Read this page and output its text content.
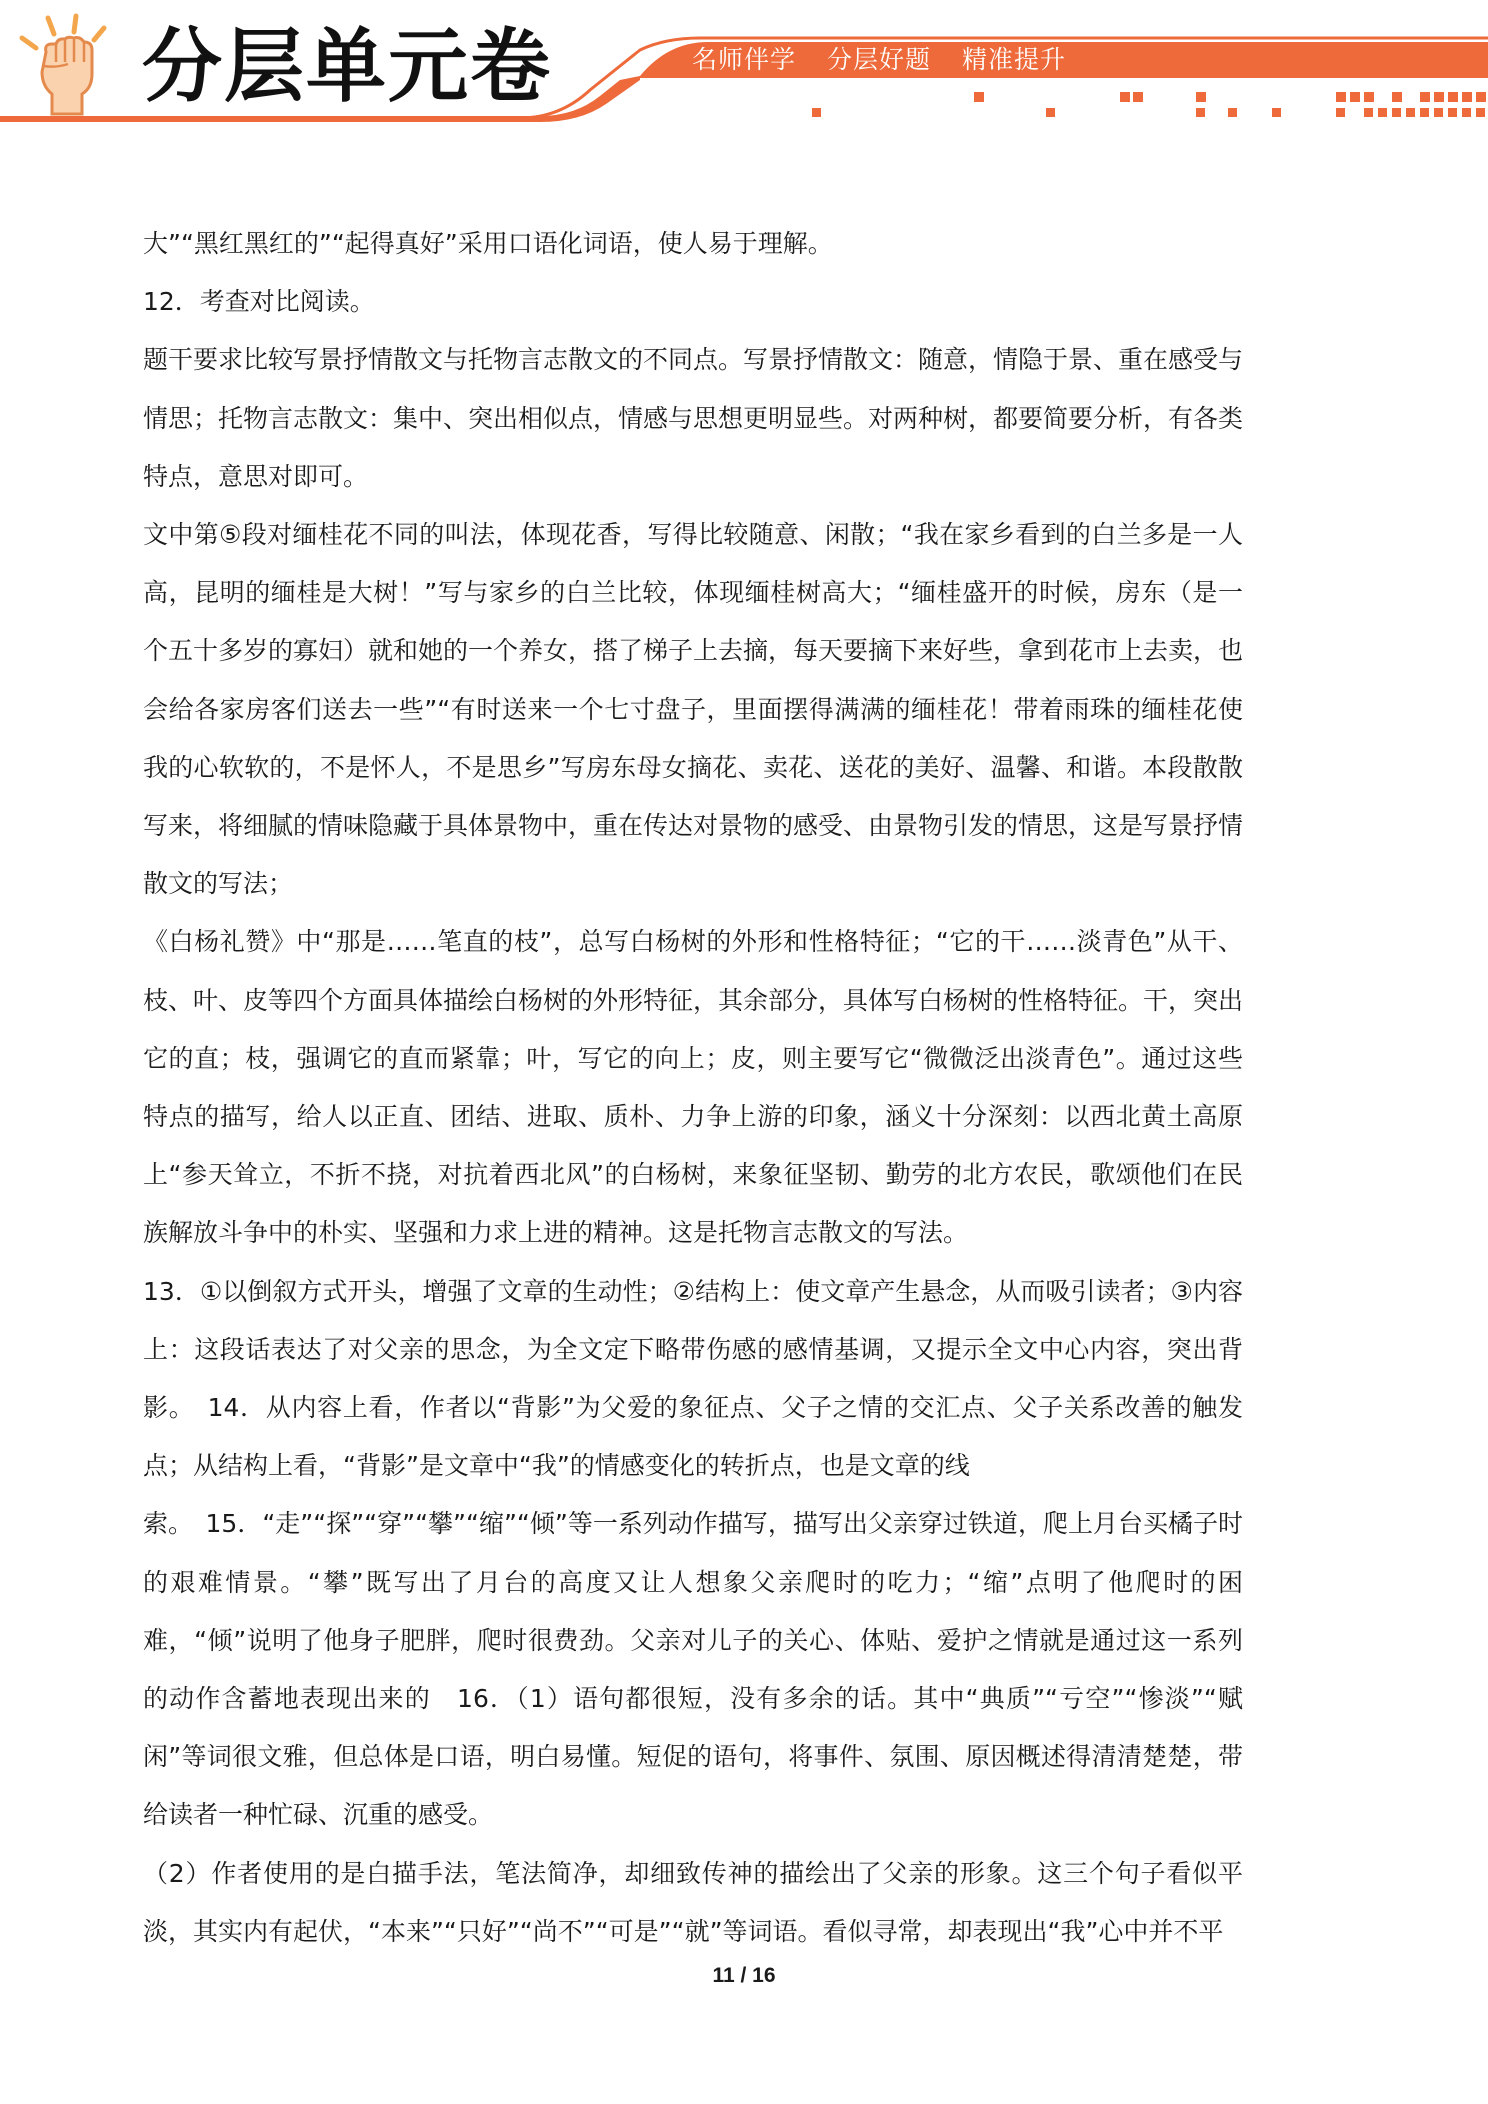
分层单元卷	名师伴学 分层好题 精准提升

大”“黑红黑红的”“起得真好”采用口语化词语，使人易于理解。

12．考查对比阅读。

题干要求比较写景抒情散文与托物言志散文的不同点。写景抒情散文：随意，情隐于景、重在感受与情思；托物言志散文：集中、突出相似点，情感与思想更明显些。对两种树，都要简要分析，有各类特点，意思对即可。

文中第⑤段对缅桂花不同的叫法，体现花香，写得比较随意、闲散；“我在家乡看到的白兰多是一人高，昆明的缅桂是大树！”写与家乡的白兰比较，体现缅桂树高大；“缅桂盛开的时候，房东（是一个五十多岁的寡妇）就和她的一个养女，搭了梯子上去摘，每天要摘下来好些，拿到花市上去卖，也会给各家房客们送去一些”“有时送来一个七寸盘子，里面摆得满满的缅桂花！带着雨珠的缅桂花使我的心软软的，不是怀人，不是思乡”写房东母女摘花、卖花、送花的美好、温馨、和谐。本段散散写来，将细腻的情味隐藏于具体景物中，重在传达对景物的感受、由景物引发的情思，这是写景抒情散文的写法；

《白杨礼赞》中“那是……笔直的枝”，总写白杨树的外形和性格特征；“它的干……淡青色”从干、枝、叶、皮等四个方面具体描绘白杨树的外形特征，其余部分，具体写白杨树的性格特征。干，突出它的直；枝，强调它的直而紧靠；叶，写它的向上；皮，则主要写它“微微泛出淡青色”。通过这些特点的描写，给人以正直、团结、进取、质朴、力争上游的印象，涵义十分深刻：以西北黄土高原上“参天耸立，不折不挠，对抗着西北风”的白杨树，来象征坚韧、勤劳的北方农民，歌颂他们在民族解放斗争中的朴实、坚强和力求上进的精神。这是托物言志散文的写法。

13．①以倒叙方式开头，增强了文章的生动性；②结构上：使文章产生悬念，从而吸引读者；③内容上：这段话表达了对父亲的思念，为全文定下略带伤感的感情基调，又提示全文中心内容，突出背影。　14．从内容上看，作者以“背影”为父爱的象征点、父子之情的交汇点、父子关系改善的触发点；从结构上看，“背影”是文章中“我”的情感变化的转折点，也是文章的线

索。　15．“走”“探”“穿”“攀”“缩”“倾”等一系列动作描写，描写出父亲穿过铁道，爬上月台买橘子时的艰难情景。“攀”既写出了月台的高度又让人想象父亲爬时的吃力；“缩”点明了他爬时的困难，“倾”说明了他身子肥胖，爬时很费劲。父亲对儿子的关心、体贴、爱护之情就是通过这一系列的动作含蓄地表现出来的　16．（1）语句都很短，没有多余的话。其中“典质”“亏空”“惨淡”“赋闲”等词很文雅，但总体是口语，明白易懂。短促的语句，将事件、氛围、原因概述得清清楚楚，带给读者一种忙碌、沉重的感受。

（2）作者使用的是白描手法，笔法简净，却细致传神的描绘出了父亲的形象。这三个句子看似平淡，其实内有起伏，“本来”“只好”“尚不”“可是”“就”等词语。看似寻常，却表现出“我”心中并不平

11 / 16
